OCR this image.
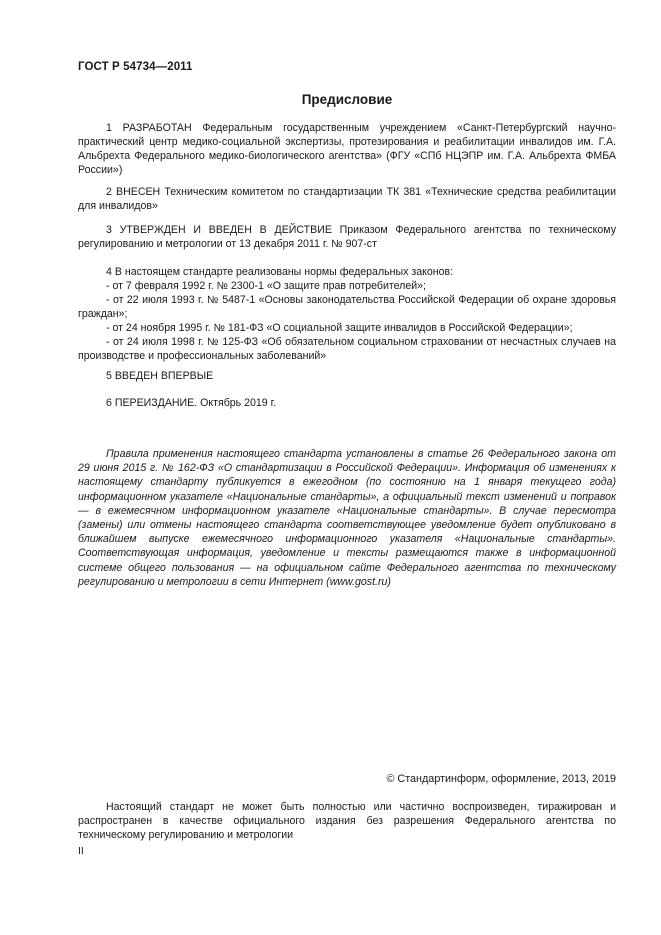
ГОСТ Р 54734—2011
Предисловие

1 РАЗРАБОТАН Федеральным государственным учреждением «Санкт-Петербургский научно-практический центр медико-социальной экспертизы, протезирования и реабилитации инвалидов им. Г.А. Альбрехта Федерального медико-биологического агентства» (ФГУ «СПб НЦЭПР им. Г.А. Альбрехта ФМБА России»)

2 ВНЕСЕН Техническим комитетом по стандартизации ТК 381 «Технические средства реабилитации для инвалидов»

3 УТВЕРЖДЕН И ВВЕДЕН В ДЕЙСТВИЕ Приказом Федерального агентства по техническому регулированию и метрологии от 13 декабря 2011 г. № 907-ст

4 В настоящем стандарте реализованы нормы федеральных законов:

- от 7 февраля 1992 г. № 2300-1 «О защите прав потребителей»;

- от 22 июля 1993 г. № 5487-1 «Основы законодательства Российской Федерации об охране здоровья граждан»;

- от 24 ноября 1995 г. № 181-ФЗ «О социальной защите инвалидов в Российской Федерации»;

- от 24 июля 1998 г. № 125-ФЗ «Об обязательном социальном страховании от несчастных случаев на производстве и профессиональных заболеваний»

5 ВВЕДЕН ВПЕРВЫЕ

6 ПЕРЕИЗДАНИЕ. Октябрь 2019 г.

Правила применения настоящего стандарта установлены в статье 26 Федерального закона от 29 июня 2015 г. № 162-ФЗ «О стандартизации в Российской Федерации». Информация об изменениях к настоящему стандарту публикуется в ежегодном (по состоянию на 1 января текущего года) информационном указателе «Национальные стандарты», а официальный текст изменений и поправок — в ежемесячном информационном указателе «Национальные стандарты». В случае пересмотра (замены) или отмены настоящего стандарта соответствующее уведомление будет опубликовано в ближайшем выпуске ежемесячного информационного указателя «Национальные стандарты». Соответствующая информация, уведомление и тексты размещаются также в информационной системе общего пользования — на официальном сайте Федерального агентства по техническому регулированию и метрологии в сети Интернет (www.gost.ru)
© Стандартинформ, оформление, 2013, 2019
Настоящий стандарт не может быть полностью или частично воспроизведен, тиражирован и распространен в качестве официального издания без разрешения Федерального агентства по техническому регулированию и метрологии
II
